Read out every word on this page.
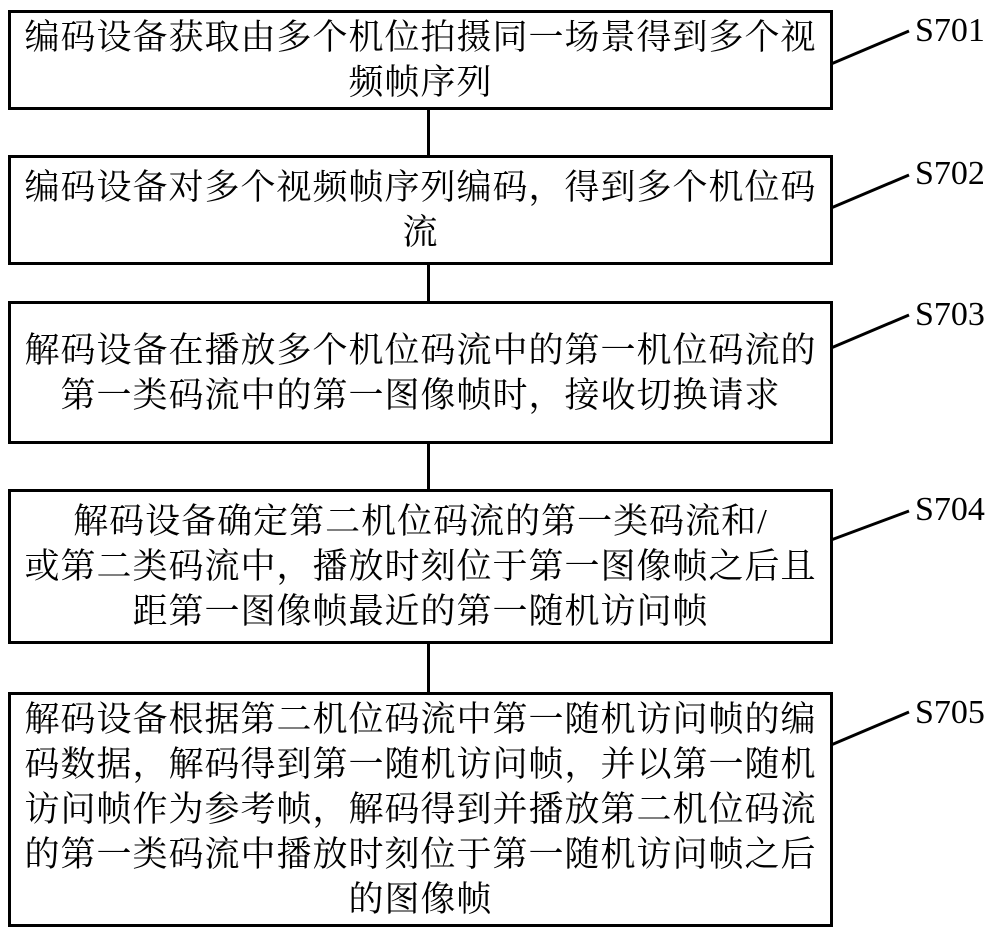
编码设备获取由多个机位拍摄同一场景得到多个视
频帧序列
编码设备对多个视频帧序列编码，得到多个机位码
流
解码设备在播放多个机位码流中的第一机位码流的
第一类码流中的第一图像帧时，接收切换请求
解码设备确定第二机位码流的第一类码流和/
或第二类码流中，播放时刻位于第一图像帧之后且
距第一图像帧最近的第一随机访问帧
解码设备根据第二机位码流中第一随机访问帧的编
码数据，解码得到第一随机访问帧，并以第一随机
访问帧作为参考帧，解码得到并播放第二机位码流
的第一类码流中播放时刻位于第一随机访问帧之后
的图像帧
S701
S702
S703
S704
S705
